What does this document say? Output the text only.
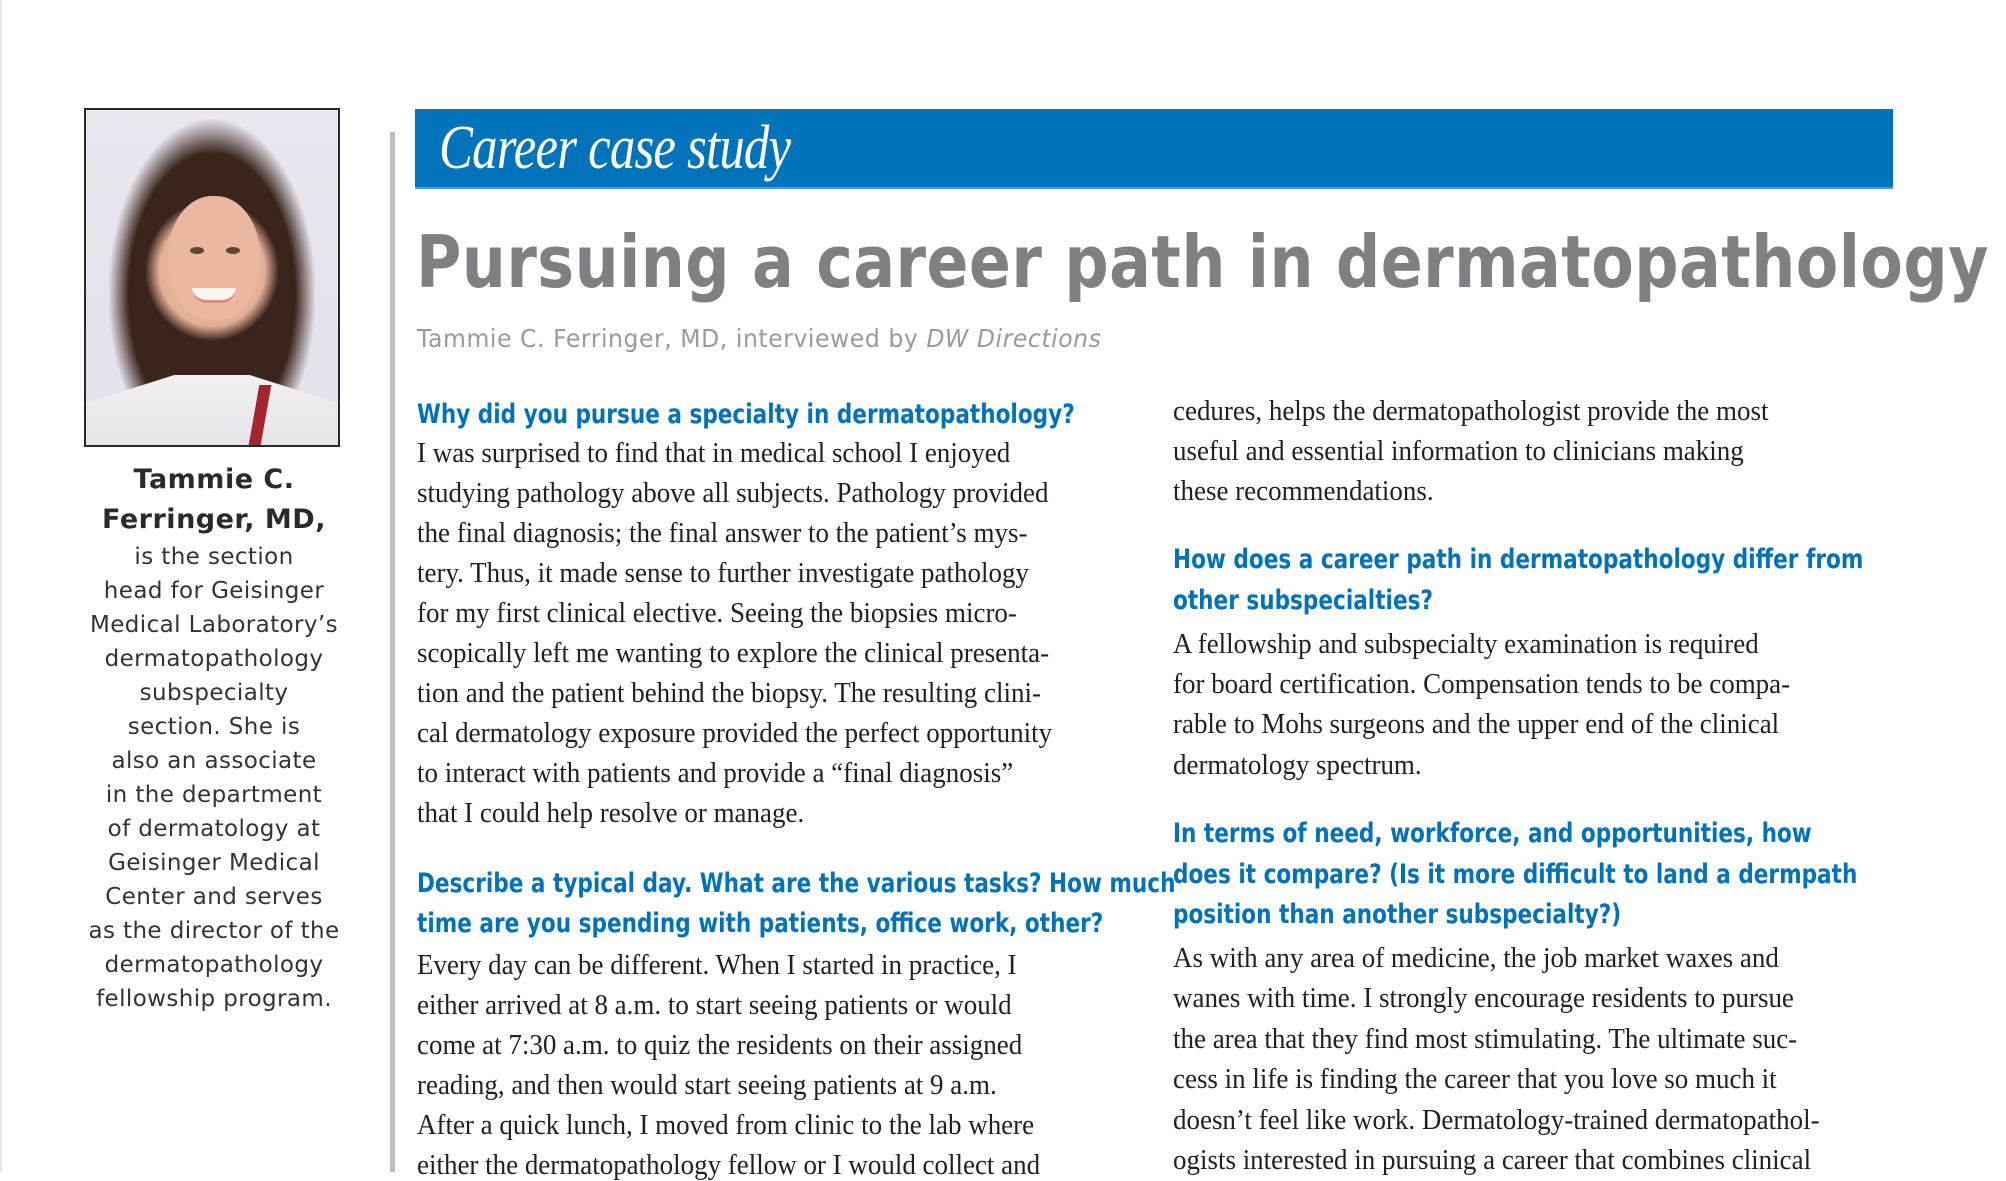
Tammie C.
Ferringer, MD,
is the section
head for Geisinger
Medical Laboratory’s
dermatopathology
subspecialty
section. She is
also an associate
in the department
of dermatology at
Geisinger Medical
Center and serves
as the director of the
dermatopathology
fellowship program.
Career case study
Pursuing a career path in dermatopathology
Tammie C. Ferringer, MD, interviewed by DW Directions
Why did you pursue a specialty in dermatopathology?
I was surprised to find that in medical school I enjoyed
studying pathology above all subjects. Pathology provided
the final diagnosis; the final answer to the patient’s mys-
tery. Thus, it made sense to further investigate pathology
for my first clinical elective. Seeing the biopsies micro-
scopically left me wanting to explore the clinical presenta-
tion and the patient behind the biopsy. The resulting clini-
cal dermatology exposure provided the perfect opportunity
to interact with patients and provide a “final diagnosis”
that I could help resolve or manage.
Describe a typical day. What are the various tasks? How much
time are you spending with patients, office work, other?
Every day can be different. When I started in practice, I
either arrived at 8 a.m. to start seeing patients or would
come at 7:30 a.m. to quiz the residents on their assigned
reading, and then would start seeing patients at 9 a.m.
After a quick lunch, I moved from clinic to the lab where
either the dermatopathology fellow or I would collect and
cedures, helps the dermatopathologist provide the most
useful and essential information to clinicians making
these recommendations.
How does a career path in dermatopathology differ from
other subspecialties?
A fellowship and subspecialty examination is required
for board certification. Compensation tends to be compa-
rable to Mohs surgeons and the upper end of the clinical
dermatology spectrum.
In terms of need, workforce, and opportunities, how
does it compare? (Is it more difficult to land a dermpath
position than another subspecialty?)
As with any area of medicine, the job market waxes and
wanes with time. I strongly encourage residents to pursue
the area that they find most stimulating. The ultimate suc-
cess in life is finding the career that you love so much it
doesn’t feel like work. Dermatology-trained dermatopathol-
ogists interested in pursuing a career that combines clinical
